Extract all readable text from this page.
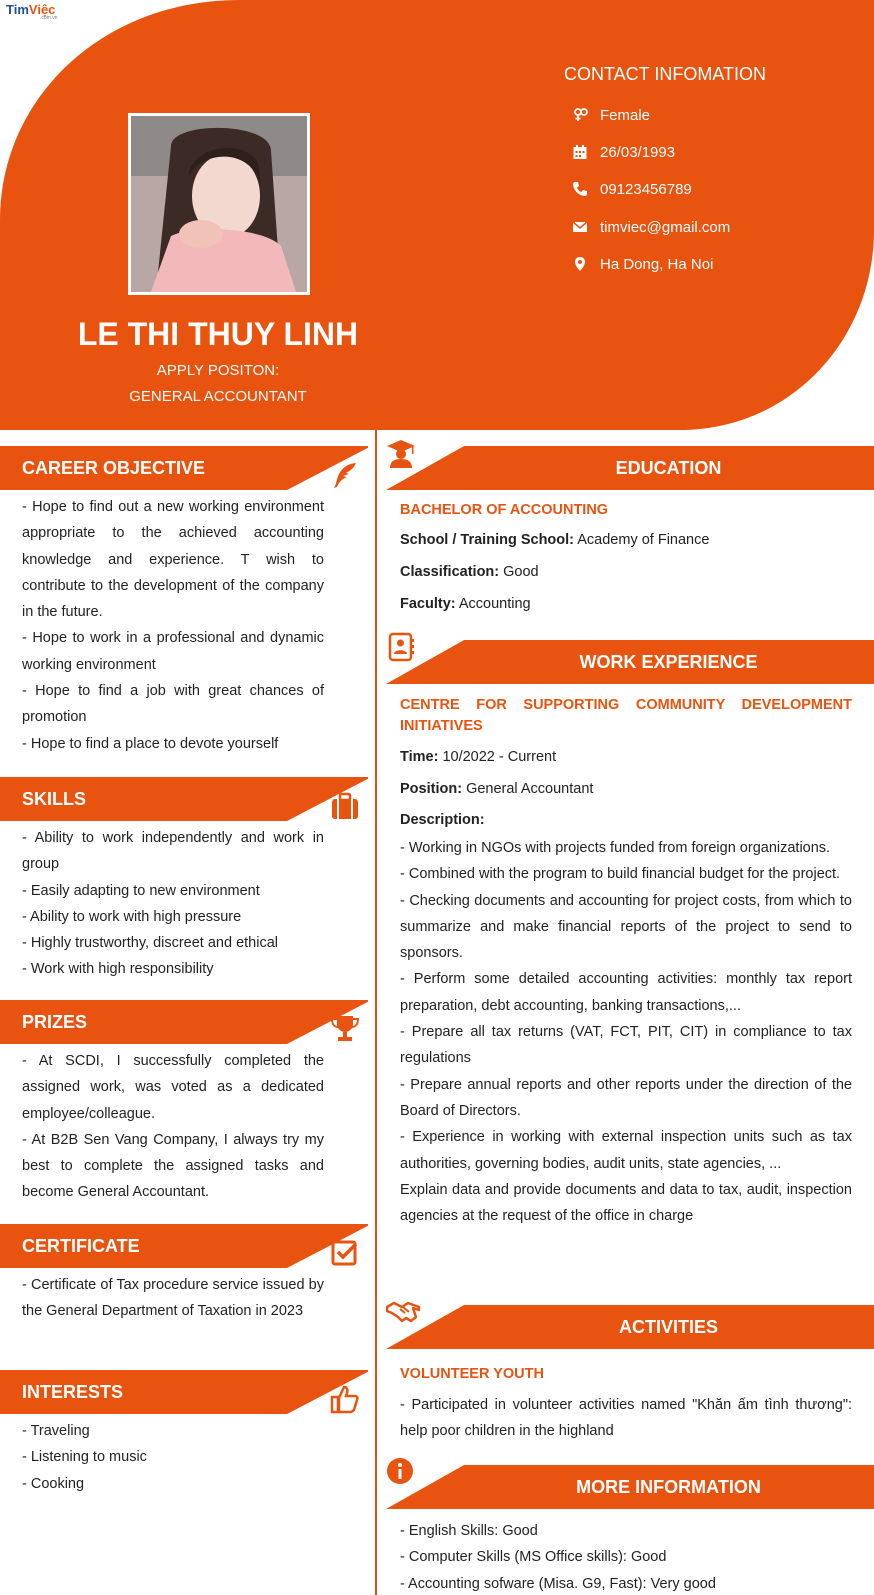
TimViệc
.com.vn
LE THI THUY LINH
APPLY POSITON:
GENERAL ACCOUNTANT
CONTACT INFOMATION
Female
26/03/1993
09123456789
timviec@gmail.com
Ha Dong, Ha Noi
CAREER OBJECTIVE

- Hope to find out a new working environment appropriate to the achieved accounting knowledge and experience. T wish to contribute to the development of the company in the future.

- Hope to work in a professional and dynamic working environment

- Hope to find a job with great chances of promotion

- Hope to find a place to devote yourself

SKILLS

- Ability to work independently and work in group

- Easily adapting to new environment

- Ability to work with high pressure

- Highly trustworthy, discreet and ethical

- Work with high responsibility

PRIZES

- At SCDI, I successfully completed the assigned work, was voted as a dedicated employee/colleague.

- At B2B Sen Vang Company, I always try my best to complete the assigned tasks and become General Accountant.

CERTIFICATE

- Certificate of Tax procedure service issued by the General Department of Taxation in 2023

INTERESTS

- Traveling

- Listening to music

- Cooking

EDUCATION
BACHELOR OF ACCOUNTING
School / Training School: Academy of Finance
Classification: Good
Faculty: Accounting
WORK EXPERIENCE
CENTRE FOR SUPPORTING COMMUNITY DEVELOPMENT INITIATIVES
Time: 10/2022 - Current
Position: General Accountant
Description:
- Working in NGOs with projects funded from foreign organizations.
- Combined with the program to build financial budget for the project.
- Checking documents and accounting for project costs, from which to summarize and make financial reports of the project to send to sponsors.
- Perform some detailed accounting activities: monthly tax report preparation, debt accounting, banking transactions,...
- Prepare all tax returns (VAT, FCT, PIT, CIT) in compliance to tax regulations
- Prepare annual reports and other reports under the direction of the Board of Directors.
- Experience in working with external inspection units such as tax authorities, governing bodies, audit units, state agencies, ...
Explain data and provide documents and data to tax, audit, inspection agencies at the request of the office in charge
ACTIVITIES
VOLUNTEER YOUTH
- Participated in volunteer activities named "Khăn ấm tình thương": help poor children in the highland
MORE INFORMATION
- English Skills: Good
- Computer Skills (MS Office skills): Good
- Accounting sofware (Misa. G9, Fast): Very good
